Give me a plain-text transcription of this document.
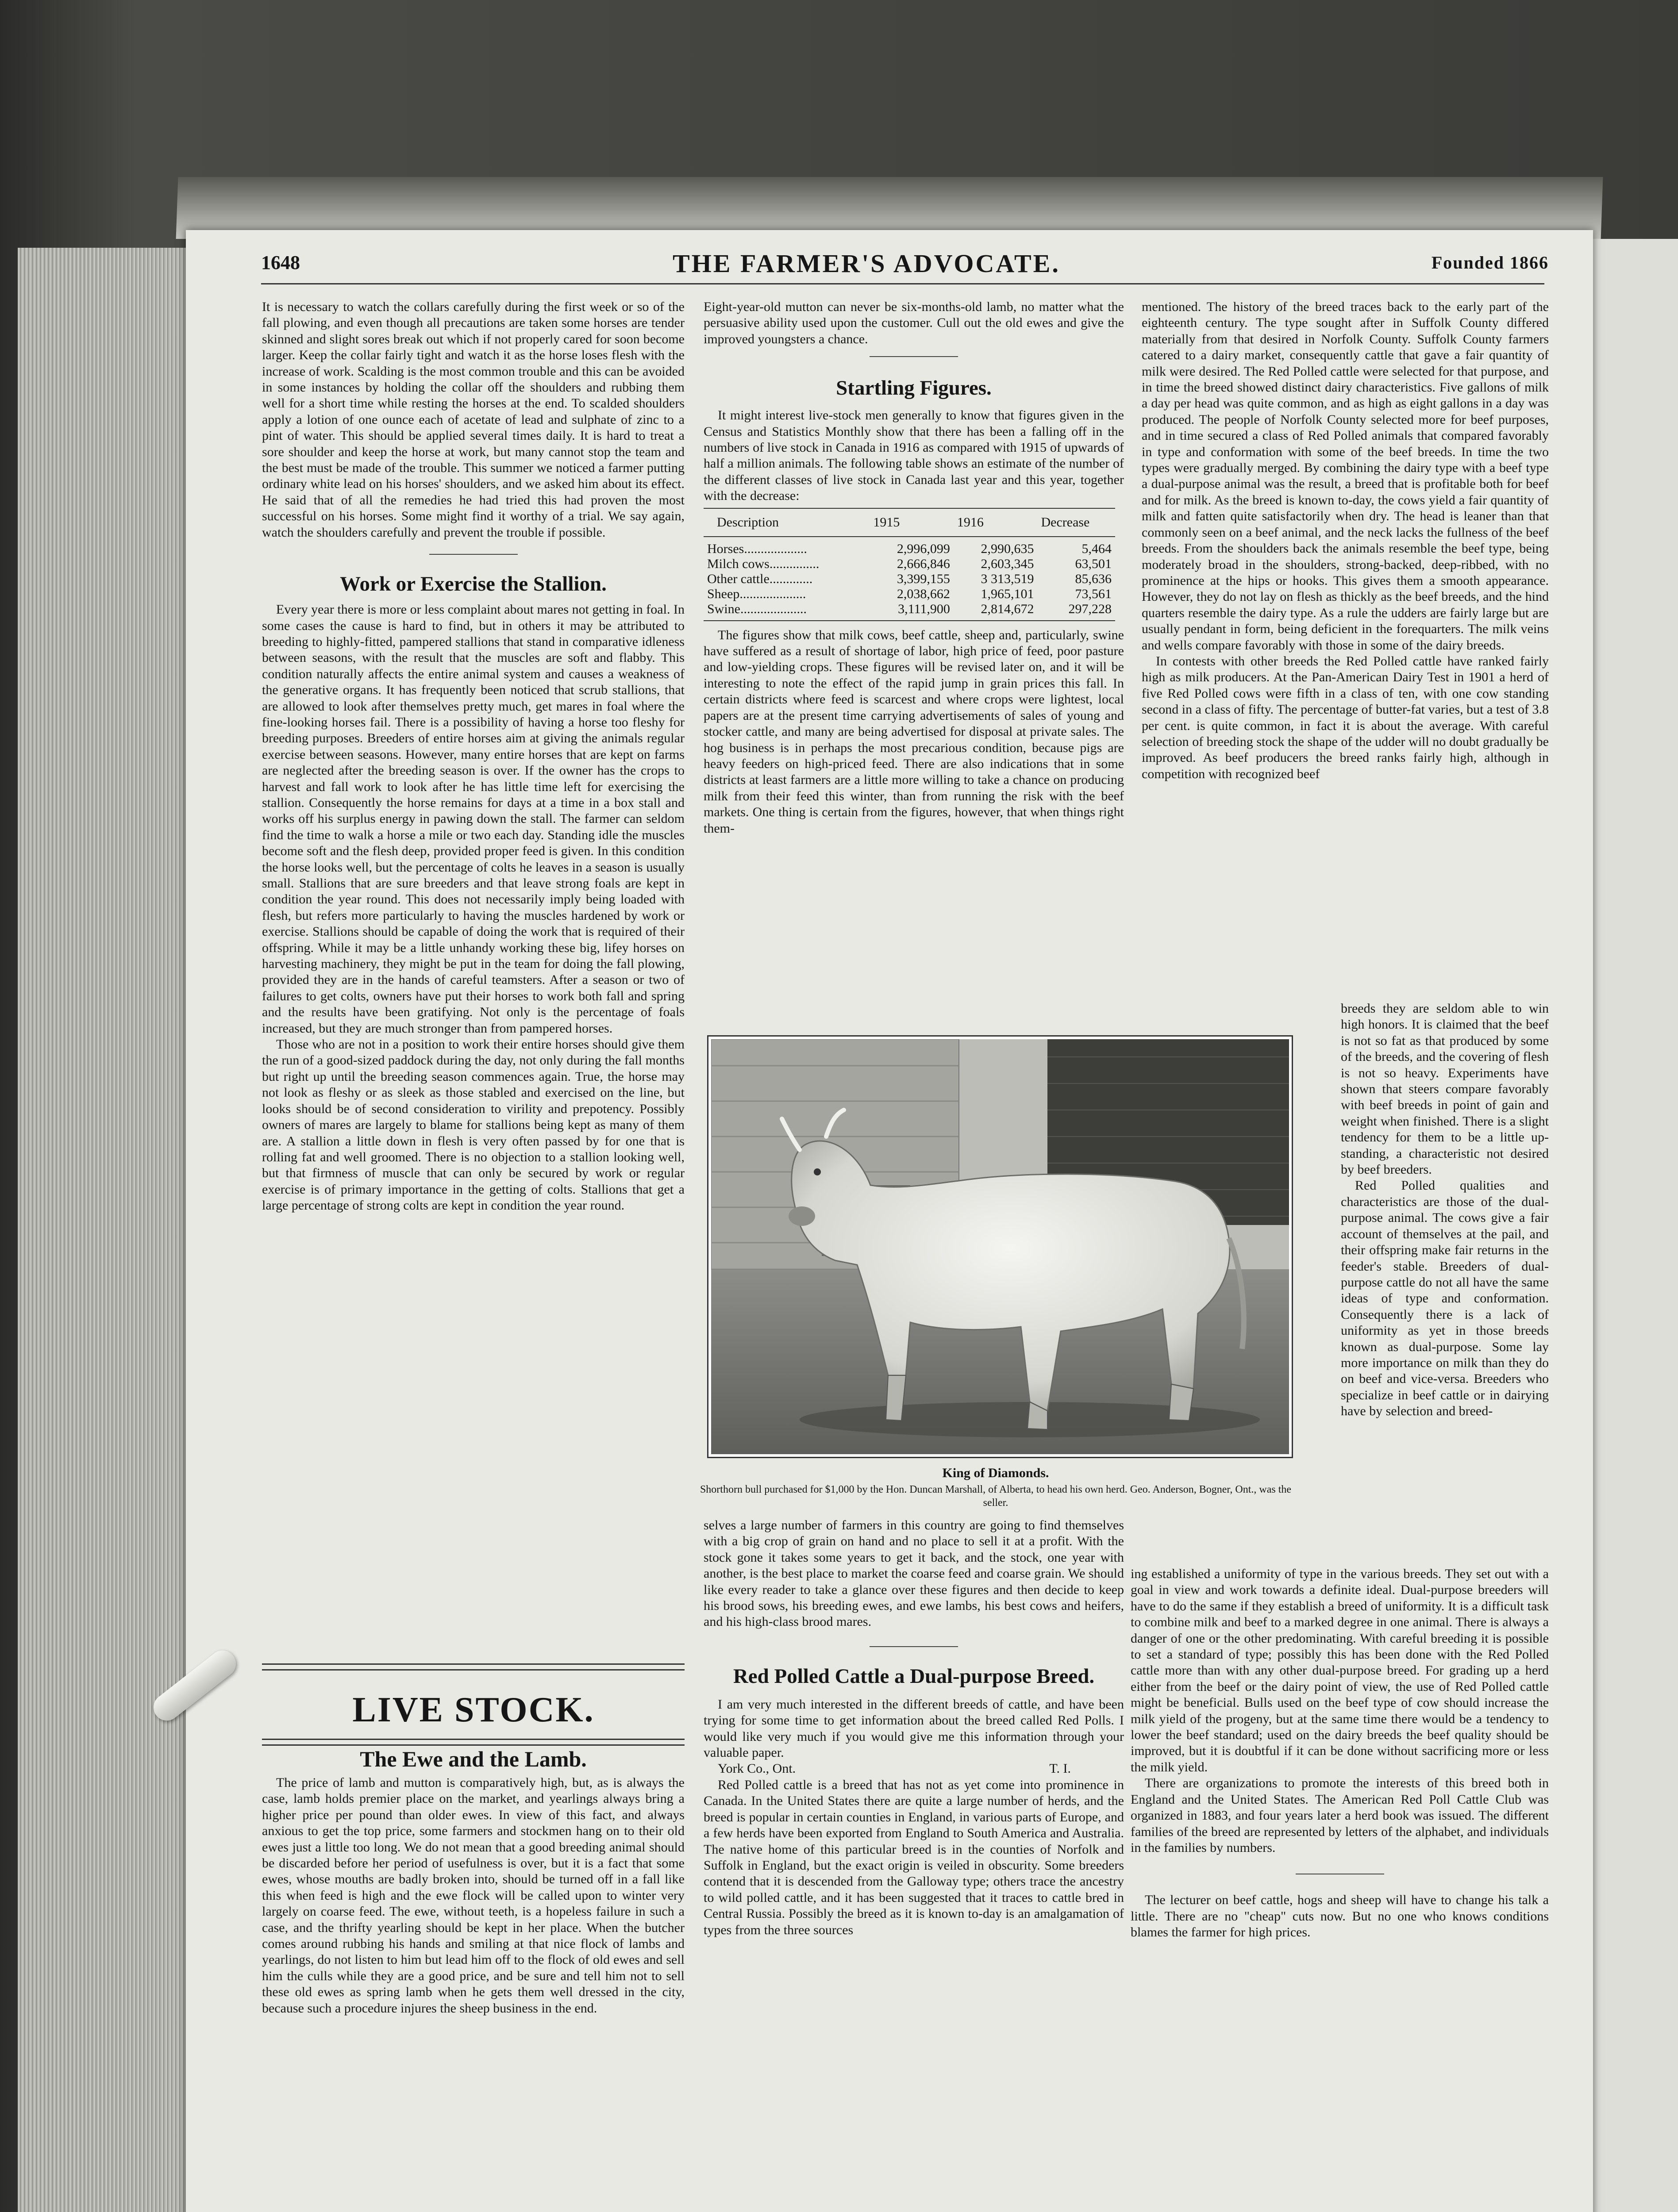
1648	THE FARMER'S ADVOCATE.	Founded 1866

It is necessary to watch the collars carefully during the first week or so of the fall plowing, and even though all precautions are taken some horses are tender skinned and slight sores break out which if not properly cared for soon become larger. Keep the collar fairly tight and watch it as the horse loses flesh with the increase of work. Scalding is the most common trouble and this can be avoided in some instances by holding the collar off the shoulders and rubbing them well for a short time while resting the horses at the end. To scalded shoulders apply a lotion of one ounce each of acetate of lead and sulphate of zinc to a pint of water. This should be applied several times daily. It is hard to treat a sore shoulder and keep the horse at work, but many cannot stop the team and the best must be made of the trouble. This summer we noticed a farmer putting ordinary white lead on his horses' shoulders, and we asked him about its effect. He said that of all the remedies he had tried this had proven the most successful on his horses. Some might find it worthy of a trial. We say again, watch the shoulders carefully and prevent the trouble if possible.

Work or Exercise the Stallion.

Every year there is more or less complaint about mares not getting in foal. In some cases the cause is hard to find, but in others it may be attributed to breeding to highly-fitted, pampered stallions that stand in comparative idleness between seasons, with the result that the muscles are soft and flabby. This condition naturally affects the entire animal system and causes a weakness of the generative organs. It has frequently been noticed that scrub stallions, that are allowed to look after themselves pretty much, get mares in foal where the fine-looking horses fail. There is a possibility of having a horse too fleshy for breeding purposes. Breeders of entire horses aim at giving the animals regular exercise between seasons. However, many entire horses that are kept on farms are neglected after the breeding season is over. If the owner has the crops to harvest and fall work to look after he has little time left for exercising the stallion. Consequently the horse remains for days at a time in a box stall and works off his surplus energy in pawing down the stall. The farmer can seldom find the time to walk a horse a mile or two each day. Standing idle the muscles become soft and the flesh deep, provided proper feed is given. In this condition the horse looks well, but the percentage of colts he leaves in a season is usually small. Stallions that are sure breeders and that leave strong foals are kept in condition the year round. This does not necessarily imply being loaded with flesh, but refers more particularly to having the muscles hardened by work or exercise. Stallions should be capable of doing the work that is required of their offspring. While it may be a little unhandy working these big, lifey horses on harvesting machinery, they might be put in the team for doing the fall plowing, provided they are in the hands of careful teamsters. After a season or two of failures to get colts, owners have put their horses to work both fall and spring and the results have been gratifying. Not only is the percentage of foals increased, but they are much stronger than from pampered horses.

Those who are not in a position to work their entire horses should give them the run of a good-sized paddock during the day, not only during the fall months but right up until the breeding season commences again. True, the horse may not look as fleshy or as sleek as those stabled and exercised on the line, but looks should be of second consideration to virility and prepotency. Possibly owners of mares are largely to blame for stallions being kept as many of them are. A stallion a little down in flesh is very often passed by for one that is rolling fat and well groomed. There is no objection to a stallion looking well, but that firmness of muscle that can only be secured by work or regular exercise is of primary importance in the getting of colts. Stallions that get a large percentage of strong colts are kept in condition the year round.

LIVE STOCK.
The Ewe and the Lamb.

The price of lamb and mutton is comparatively high, but, as is always the case, lamb holds premier place on the market, and yearlings always bring a higher price per pound than older ewes. In view of this fact, and always anxious to get the top price, some farmers and stockmen hang on to their old ewes just a little too long. We do not mean that a good breeding animal should be discarded before her period of usefulness is over, but it is a fact that some ewes, whose mouths are badly broken into, should be turned off in a fall like this when feed is high and the ewe flock will be called upon to winter very largely on coarse feed. The ewe, without teeth, is a hopeless failure in such a case, and the thrifty yearling should be kept in her place. When the butcher comes around rubbing his hands and smiling at that nice flock of lambs and yearlings, do not listen to him but lead him off to the flock of old ewes and sell him the culls while they are a good price, and be sure and tell him not to sell these old ewes as spring lamb when he gets them well dressed in the city, because such a procedure injures the sheep business in the end.

Eight-year-old mutton can never be six-months-old lamb, no matter what the persuasive ability used upon the customer. Cull out the old ewes and give the improved youngsters a chance.

Startling Figures.

It might interest live-stock men generally to know that figures given in the Census and Statistics Monthly show that there has been a falling off in the numbers of live stock in Canada in 1916 as compared with 1915 of upwards of half a million animals. The following table shows an estimate of the number of the different classes of live stock in Canada last year and this year, together with the decrease:

Description	1915	1916	Decrease
Horses...................	2,996,099	2,990,635	5,464
Milch cows...............	2,666,846	2,603,345	63,501
Other cattle.............	3,399,155	3 313,519	85,636
Sheep....................	2,038,662	1,965,101	73,561
Swine....................	3,111,900	2,814,672	297,228

The figures show that milk cows, beef cattle, sheep and, particularly, swine have suffered as a result of shortage of labor, high price of feed, poor pasture and low-yielding crops. These figures will be revised later on, and it will be interesting to note the effect of the rapid jump in grain prices this fall. In certain districts where feed is scarcest and where crops were lightest, local papers are at the present time carrying advertisements of sales of young and stocker cattle, and many are being advertised for disposal at private sales. The hog business is in perhaps the most precarious condition, because pigs are heavy feeders on high-priced feed. There are also indications that in some districts at least farmers are a little more willing to take a chance on producing milk from their feed this winter, than from running the risk with the beef markets. One thing is certain from the figures, however, that when things right them-

King of Diamonds.
Shorthorn bull purchased for $1,000 by the Hon. Duncan Marshall, of Alberta, to head his own herd. Geo. Anderson, Bogner, Ont., was the seller.

selves a large number of farmers in this country are going to find themselves with a big crop of grain on hand and no place to sell it at a profit. With the stock gone it takes some years to get it back, and the stock, one year with another, is the best place to market the coarse feed and coarse grain. We should like every reader to take a glance over these figures and then decide to keep his brood sows, his breeding ewes, and ewe lambs, his best cows and heifers, and his high-class brood mares.

Red Polled Cattle a Dual-purpose Breed.

I am very much interested in the different breeds of cattle, and have been trying for some time to get information about the breed called Red Polls. I would like very much if you would give me this information through your valuable paper.

York Co., Ont.	T. I.

Red Polled cattle is a breed that has not as yet come into prominence in Canada. In the United States there are quite a large number of herds, and the breed is popular in certain counties in England, in various parts of Europe, and a few herds have been exported from England to South America and Australia. The native home of this particular breed is in the counties of Norfolk and Suffolk in England, but the exact origin is veiled in obscurity. Some breeders contend that it is descended from the Galloway type; others trace the ancestry to wild polled cattle, and it has been suggested that it traces to cattle bred in Central Russia. Possibly the breed as it is known to-day is an amalgamation of types from the three sources

mentioned. The history of the breed traces back to the early part of the eighteenth century. The type sought after in Suffolk County differed materially from that desired in Norfolk County. Suffolk County farmers catered to a dairy market, consequently cattle that gave a fair quantity of milk were desired. The Red Polled cattle were selected for that purpose, and in time the breed showed distinct dairy characteristics. Five gallons of milk a day per head was quite common, and as high as eight gallons in a day was produced. The people of Norfolk County selected more for beef purposes, and in time secured a class of Red Polled animals that compared favorably in type and conformation with some of the beef breeds. In time the two types were gradually merged. By combining the dairy type with a beef type a dual-purpose animal was the result, a breed that is profitable both for beef and for milk. As the breed is known to-day, the cows yield a fair quantity of milk and fatten quite satisfactorily when dry. The head is leaner than that commonly seen on a beef animal, and the neck lacks the fullness of the beef breeds. From the shoulders back the animals resemble the beef type, being moderately broad in the shoulders, strong-backed, deep-ribbed, with no prominence at the hips or hooks. This gives them a smooth appearance. However, they do not lay on flesh as thickly as the beef breeds, and the hind quarters resemble the dairy type. As a rule the udders are fairly large but are usually pendant in form, being deficient in the forequarters. The milk veins and wells compare favorably with those in some of the dairy breeds.

In contests with other breeds the Red Polled cattle have ranked fairly high as milk producers. At the Pan-American Dairy Test in 1901 a herd of five Red Polled cows were fifth in a class of ten, with one cow standing second in a class of fifty. The percentage of butter-fat varies, but a test of 3.8 per cent. is quite common, in fact it is about the average. With careful selection of breeding stock the shape of the udder will no doubt gradually be improved. As beef producers the breed ranks fairly high, although in competition with recognized beef

breeds they are seldom able to win high honors. It is claimed that the beef is not so fat as that produced by some of the breeds, and the covering of flesh is not so heavy. Experiments have shown that steers compare favorably with beef breeds in point of gain and weight when finished. There is a slight tendency for them to be a little up-standing, a characteristic not desired by beef breeders.

Red Polled qualities and characteristics are those of the dual-purpose animal. The cows give a fair account of themselves at the pail, and their offspring make fair returns in the feeder's stable. Breeders of dual-purpose cattle do not all have the same ideas of type and conformation. Consequently there is a lack of uniformity as yet in those breeds known as dual-purpose. Some lay more importance on milk than they do on beef and vice-versa. Breeders who specialize in beef cattle or in dairying have by selection and breed-

ing established a uniformity of type in the various breeds. They set out with a goal in view and work towards a definite ideal. Dual-purpose breeders will have to do the same if they establish a breed of uniformity. It is a difficult task to combine milk and beef to a marked degree in one animal. There is always a danger of one or the other predominating. With careful breeding it is possible to set a standard of type; possibly this has been done with the Red Polled cattle more than with any other dual-purpose breed. For grading up a herd either from the beef or the dairy point of view, the use of Red Polled cattle might be beneficial. Bulls used on the beef type of cow should increase the milk yield of the progeny, but at the same time there would be a tendency to lower the beef standard; used on the dairy breeds the beef quality should be improved, but it is doubtful if it can be done without sacrificing more or less the milk yield.

There are organizations to promote the interests of this breed both in England and the United States. The American Red Poll Cattle Club was organized in 1883, and four years later a herd book was issued. The different families of the breed are represented by letters of the alphabet, and individuals in the families by numbers.

The lecturer on beef cattle, hogs and sheep will have to change his talk a little. There are no "cheap" cuts now. But no one who knows conditions blames the farmer for high prices.
